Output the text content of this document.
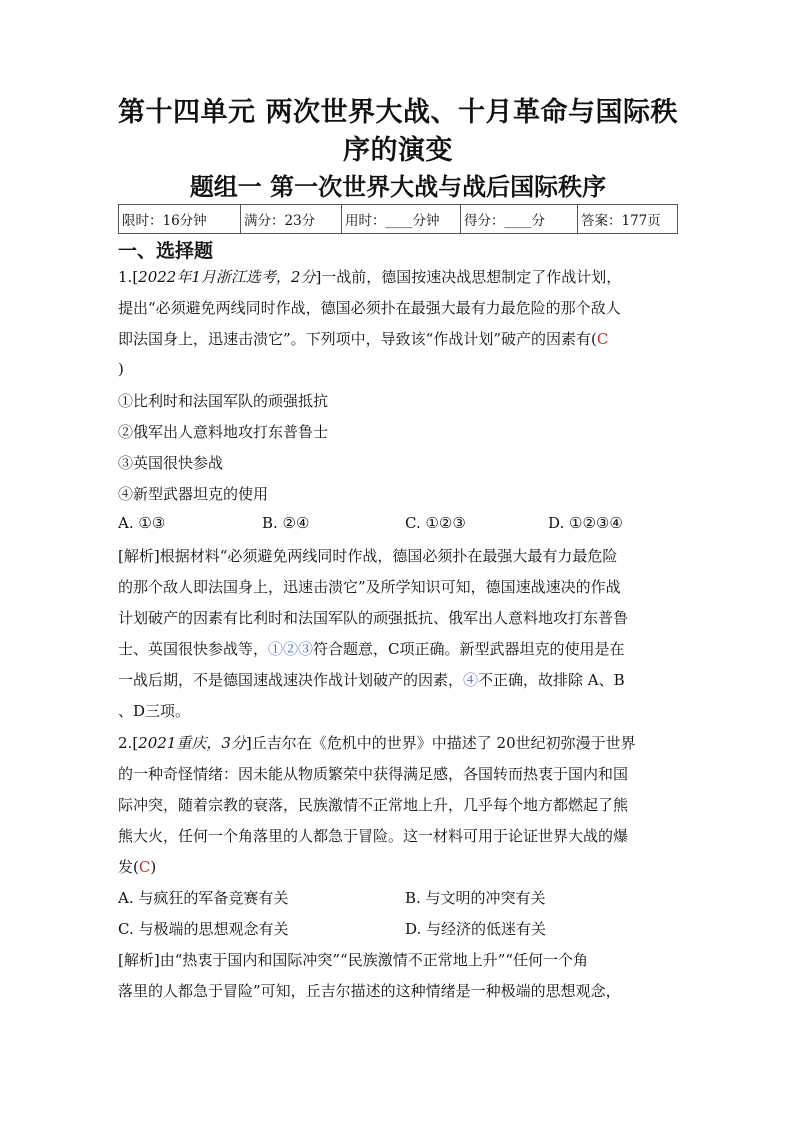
第十四单元 两次世界大战、十月革命与国际秩
序的演变
题组一 第一次世界大战与战后国际秩序
限时：16分钟	满分：23分	用时：____分钟	得分：____分	答案：177页
一、选择题
1.[2022年1月浙江选考，2分]一战前，德国按速决战思想制定了作战计划，
提出“必须避免两线同时作战，德国必须扑在最强大最有力最危险的那个敌人
即法国身上，迅速击溃它”。下列项中，导致该“作战计划”破产的因素有(C
)
①比利时和法国军队的顽强抵抗
②俄军出人意料地攻打东普鲁士
③英国很快参战
④新型武器坦克的使用
A. ①③	B. ②④	C. ①②③	D. ①②③④
[解析]根据材料“必须避免两线同时作战，德国必须扑在最强大最有力最危险
的那个敌人即法国身上，迅速击溃它”及所学知识可知，德国速战速决的作战
计划破产的因素有比利时和法国军队的顽强抵抗、俄军出人意料地攻打东普鲁
士、英国很快参战等，①②③符合题意，C项正确。新型武器坦克的使用是在
一战后期，不是德国速战速决作战计划破产的因素，④不正确，故排除 A、B
、D三项。
2.[2021重庆，3分]丘吉尔在《危机中的世界》中描述了 20世纪初弥漫于世界
的一种奇怪情绪：因未能从物质繁荣中获得满足感，各国转而热衷于国内和国
际冲突，随着宗教的衰落，民族激情不正常地上升，几乎每个地方都燃起了熊
熊大火，任何一个角落里的人都急于冒险。这一材料可用于论证世界大战的爆
发(C)
A. 与疯狂的军备竞赛有关	B. 与文明的冲突有关
C. 与极端的思想观念有关	D. 与经济的低迷有关
[解析]由“热衷于国内和国际冲突”“民族激情不正常地上升”“任何一个角
落里的人都急于冒险”可知，丘吉尔描述的这种情绪是一种极端的思想观念，
